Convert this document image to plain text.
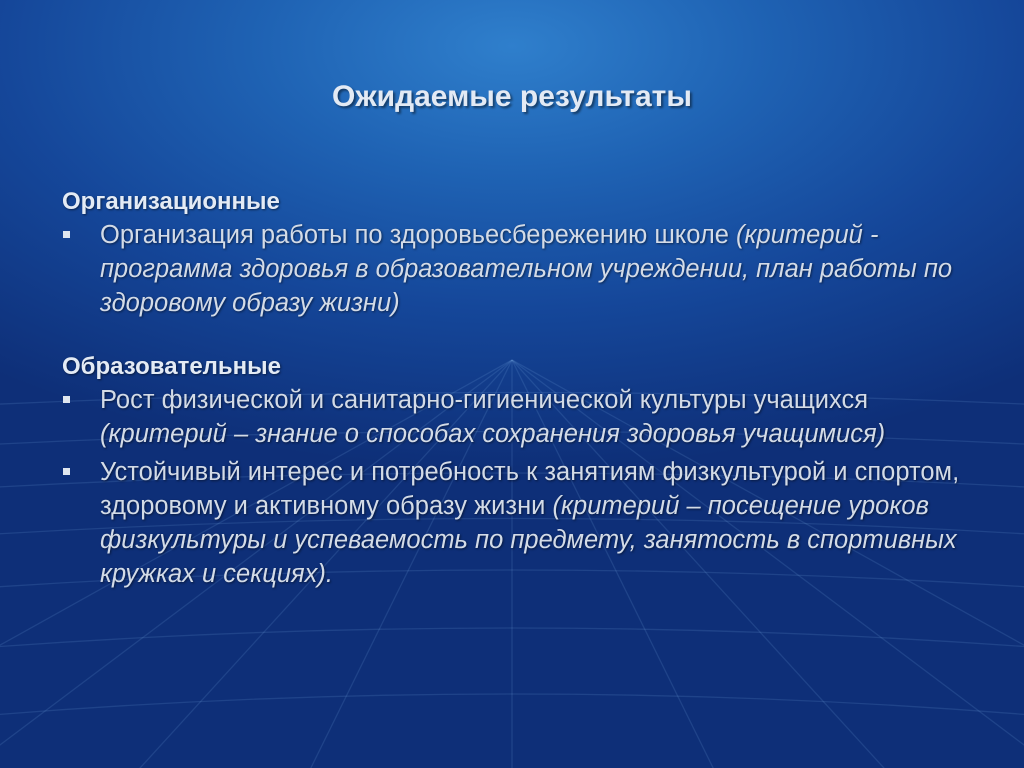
Ожидаемые результаты
Организационные
Организация работы по здоровьесбережению школе (критерий - программа здоровья в образовательном учреждении, план работы по здоровому образу жизни)
Образовательные
Рост физической и санитарно-гигиенической культуры учащихся (критерий – знание о способах сохранения здоровья учащимися)
Устойчивый интерес и потребность к занятиям физкультурой и спортом, здоровому и активному образу жизни (критерий – посещение уроков физкультуры и успеваемость по предмету, занятость в спортивных кружках и секциях).
